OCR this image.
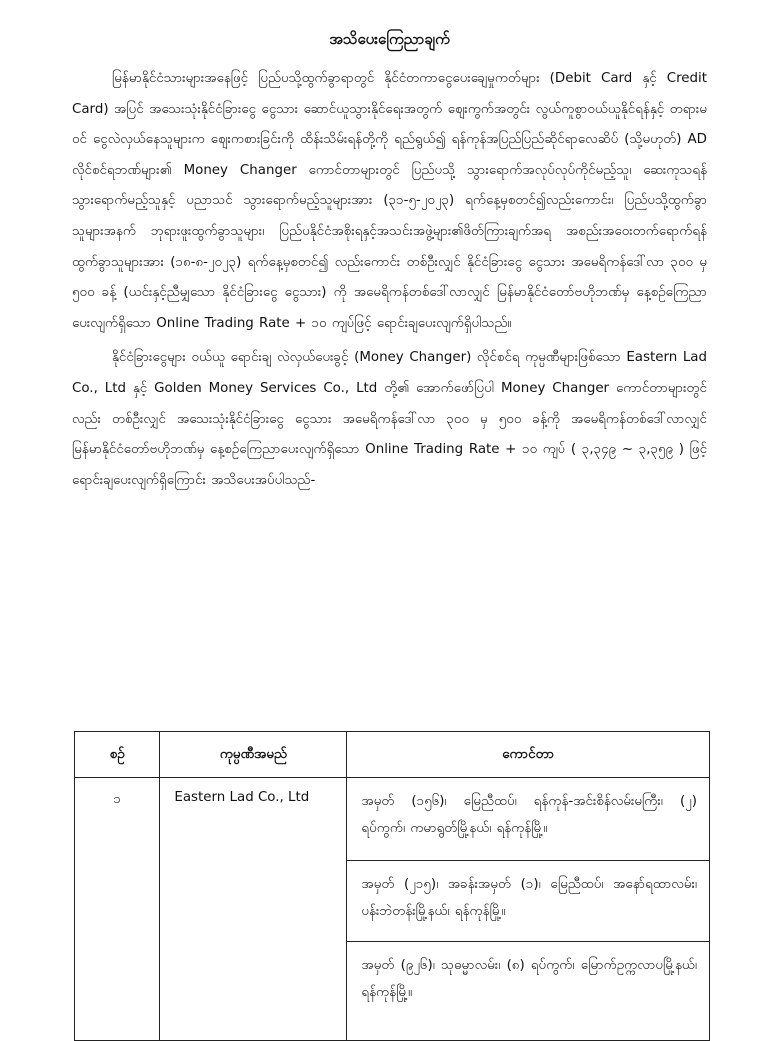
အသိပေးကြေညာချက်

မြန်မာနိုင်ငံသားများအနေဖြင့် ပြည်ပသို့ထွက်ခွာရာတွင် နိုင်ငံတကာငွေပေးချေမှုကတ်များ (Debit Card နှင့် Credit Card) အပြင် အသေးသုံးနိုင်ငံခြားငွေ ငွေသား ဆောင်ယူသွားနိုင်ရေးအတွက် ဈေးကွက်အတွင်း လွယ်ကူစွာဝယ်ယူနိုင်ရန်နှင့် တရားမဝင် ငွေလဲလှယ်နေသူများက ဈေးကစားခြင်းကို ထိန်းသိမ်းရန်တို့ကို ရည်ရွယ်၍ ရန်ကုန်အပြည်ပြည်ဆိုင်ရာလေဆိပ် (သို့မဟုတ်) AD လိုင်စင်ရဘဏ်များ၏ Money Changer ကောင်တာများတွင် ပြည်ပသို့ သွားရောက်အလုပ်လုပ်ကိုင်မည့်သူ၊ ဆေးကုသရန်သွားရောက်မည့်သူနှင့် ပညာသင် သွားရောက်မည့်သူများအား (၃၁-၅-၂၀၂၃) ရက်နေ့မှစတင်၍လည်းကောင်း၊ ပြည်ပသို့ထွက်ခွာသူများအနက် ဘုရားဖူးထွက်ခွာသူများ၊ ပြည်ပနိုင်ငံအစိုးရနှင့်အသင်းအဖွဲ့များ၏ဖိတ်ကြားချက်အရ အစည်းအဝေးတက်ရောက်ရန် ထွက်ခွာသူများအား (၁၈-၈-၂၀၂၃) ရက်နေ့မှစတင်၍ လည်းကောင်း တစ်ဦးလျှင် နိုင်ငံခြားငွေ ငွေသား အမေရိကန်ဒေါ်လာ ၃၀၀ မှ ၅၀၀ ခန့် (ယင်းနှင့်ညီမျှသော နိုင်ငံခြားငွေ ငွေသား) ကို အမေရိကန်တစ်ဒေါ်လာလျှင် မြန်မာနိုင်ငံတော်ဗဟိုဘဏ်မှ နေ့စဉ်ကြေညာပေးလျက်ရှိသော Online Trading Rate + ၁၀ ကျပ်ဖြင့် ရောင်းချပေးလျက်ရှိပါသည်။

နိုင်ငံခြားငွေများ ဝယ်ယူ ရောင်းချ လဲလှယ်ပေးခွင့် (Money Changer) လိုင်စင်ရ ကုမ္ပဏီများဖြစ်သော Eastern Lad Co., Ltd နှင့် Golden Money Services Co., Ltd တို့၏ အောက်ဖော်ပြပါ Money Changer ကောင်တာများတွင်လည်း တစ်ဦးလျှင် အသေးသုံးနိုင်ငံခြားငွေ ငွေသား အမေရိကန်ဒေါ်လာ ၃၀၀ မှ ၅၀၀ ခန့်ကို အမေရိကန်တစ်ဒေါ်လာလျှင် မြန်မာနိုင်ငံတော်ဗဟိုဘဏ်မှ နေ့စဉ်ကြေညာပေးလျက်ရှိသော Online Trading Rate + ၁၀ ကျပ် ( ၃,၃၄၉ ~ ၃,၃၅၉ ) ဖြင့် ရောင်းချပေးလျက်ရှိကြောင်း အသိပေးအပ်ပါသည်-

စဉ်	ကုမ္ပဏီအမည်	ကောင်တာ
၁	Eastern Lad Co., Ltd	အမှတ် (၁၅၆)၊ မြေညီထပ်၊ ရန်ကုန်-အင်းစိန်လမ်းမကြီး၊ (၂) ရပ်ကွက်၊ ကမာရွတ်မြို့နယ်၊ ရန်ကုန်မြို့။
		အမှတ် (၂၁၅)၊ အခန်းအမှတ် (၁)၊ မြေညီထပ်၊ အနော်ရထာလမ်း၊ ပန်းဘဲတန်းမြို့နယ်၊ ရန်ကုန်မြို့။
		အမှတ် (၉၂၆)၊ သုဓမ္မာလမ်း၊ (၈) ရပ်ကွက်၊ မြောက်ဥက္ကလာပမြို့နယ်၊ ရန်ကုန်မြို့။
